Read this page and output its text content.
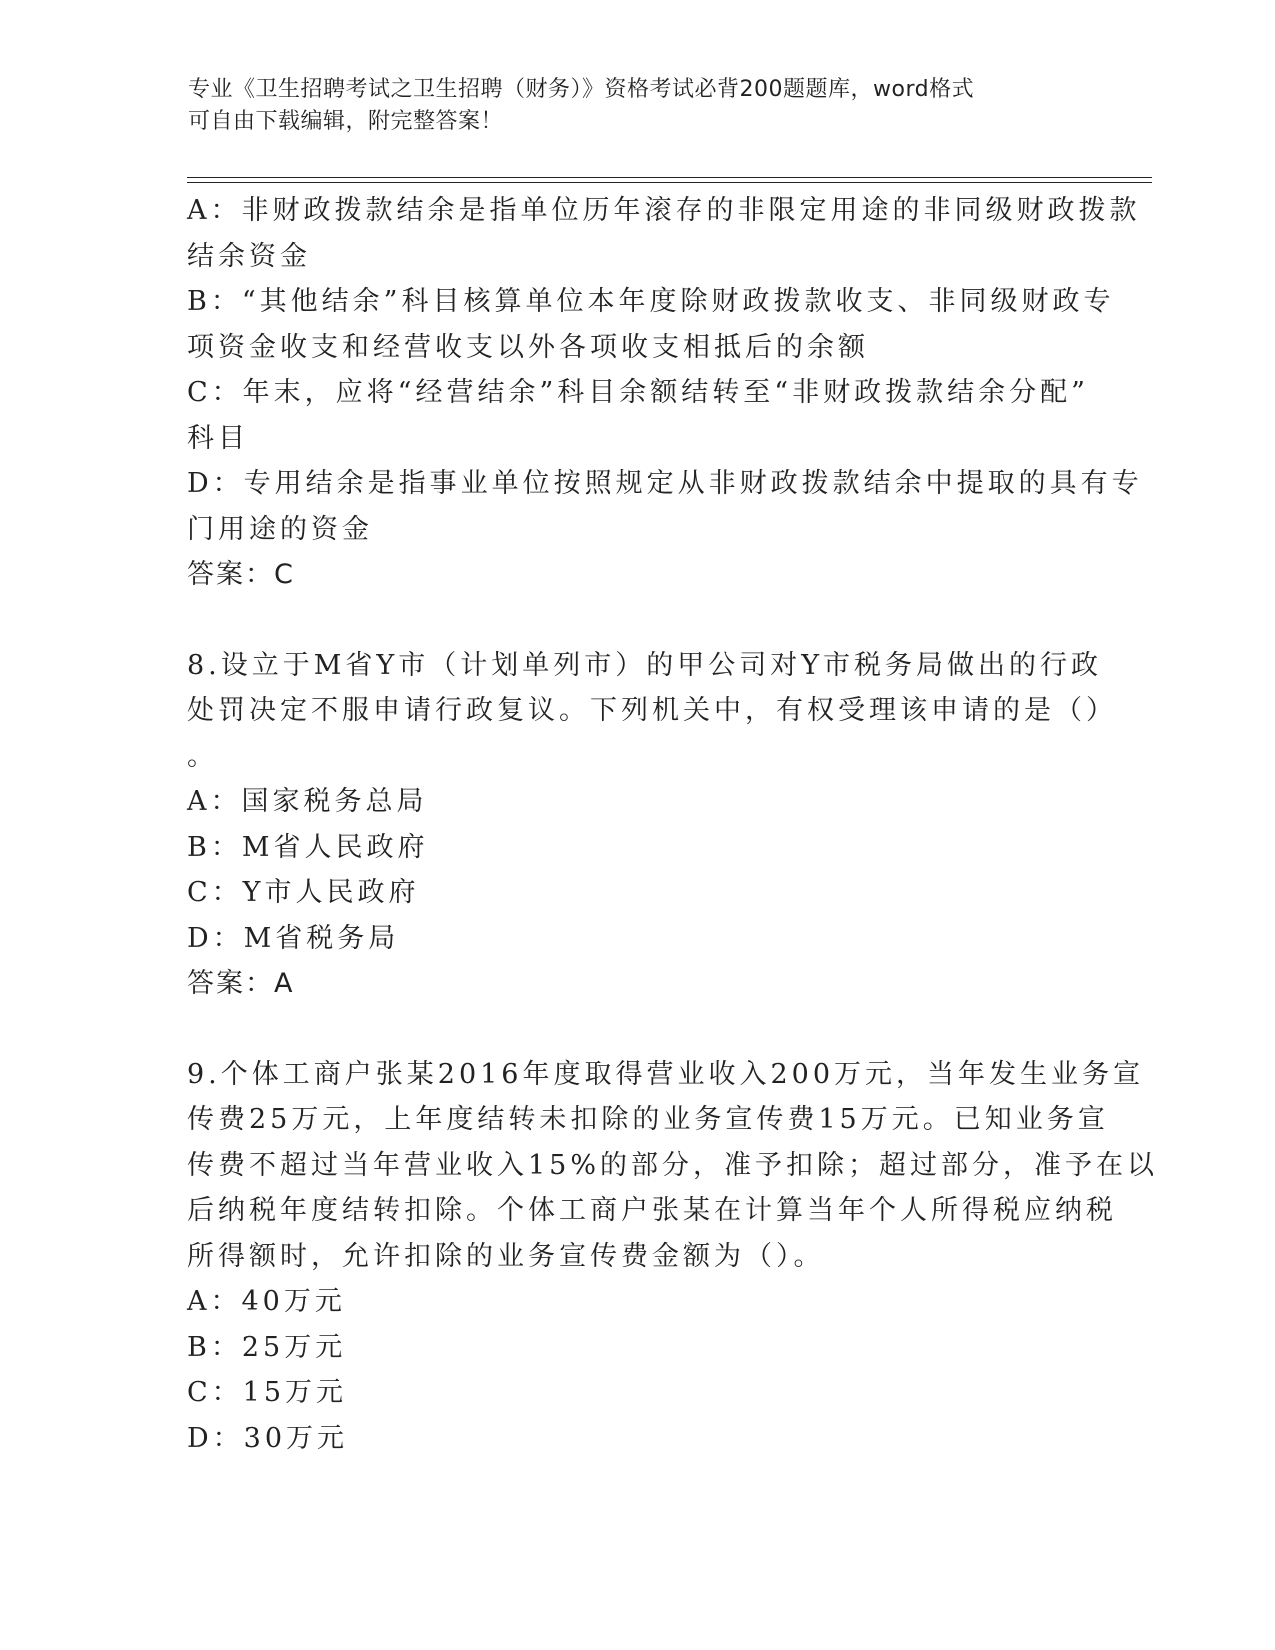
专业《卫生招聘考试之卫生招聘（财务）》资格考试必背200题题库，word格式
可自由下载编辑，附完整答案！
A：非财政拨款结余是指单位历年滚存的非限定用途的非同级财政拨款
结余资金
B：“其他结余”科目核算单位本年度除财政拨款收支、非同级财政专
项资金收支和经营收支以外各项收支相抵后的余额
C：年末，应将“经营结余”科目余额结转至“非财政拨款结余分配”
科目
D：专用结余是指事业单位按照规定从非财政拨款结余中提取的具有专
门用途的资金
答案：C
8.设立于M省Y市（计划单列市）的甲公司对Y市税务局做出的行政
处罚决定不服申请行政复议。下列机关中，有权受理该申请的是（）
。
A：国家税务总局
B：M省人民政府
C：Y市人民政府
D：M省税务局
答案：A
9.个体工商户张某2016年度取得营业收入200万元，当年发生业务宣
传费25万元，上年度结转未扣除的业务宣传费15万元。已知业务宣
传费不超过当年营业收入15%的部分，准予扣除；超过部分，准予在以
后纳税年度结转扣除。个体工商户张某在计算当年个人所得税应纳税
所得额时，允许扣除的业务宣传费金额为（）。
A：40万元
B：25万元
C：15万元
D：30万元
